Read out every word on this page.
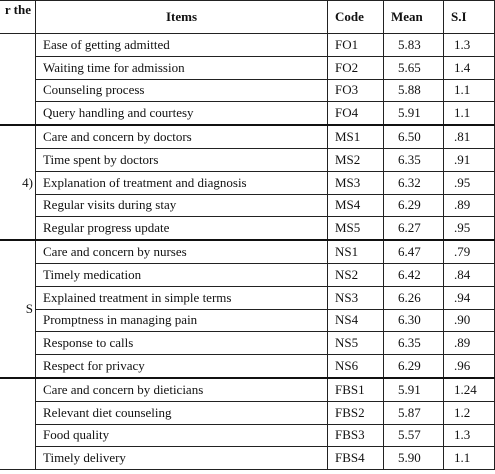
r the	Items	Code	Mean	S.I
	Ease of getting admitted	FO1	5.83	1.3
	Waiting time for admission	FO2	5.65	1.4
	Counseling process	FO3	5.88	1.1
	Query handling and courtesy	FO4	5.91	1.1
4)	Care and concern by doctors	MS1	6.50	.81
	Time spent by doctors	MS2	6.35	.91
	Explanation of treatment and diagnosis	MS3	6.32	.95
	Regular visits during stay	MS4	6.29	.89
	Regular progress update	MS5	6.27	.95
S	Care and concern by nurses	NS1	6.47	.79
	Timely medication	NS2	6.42	.84
	Explained treatment in simple terms	NS3	6.26	.94
	Promptness in managing pain	NS4	6.30	.90
	Response to calls	NS5	6.35	.89
	Respect for privacy	NS6	6.29	.96
	Care and concern by dieticians	FBS1	5.91	1.24
	Relevant diet counseling	FBS2	5.87	1.2
	Food quality	FBS3	5.57	1.3
	Timely delivery	FBS4	5.90	1.1
